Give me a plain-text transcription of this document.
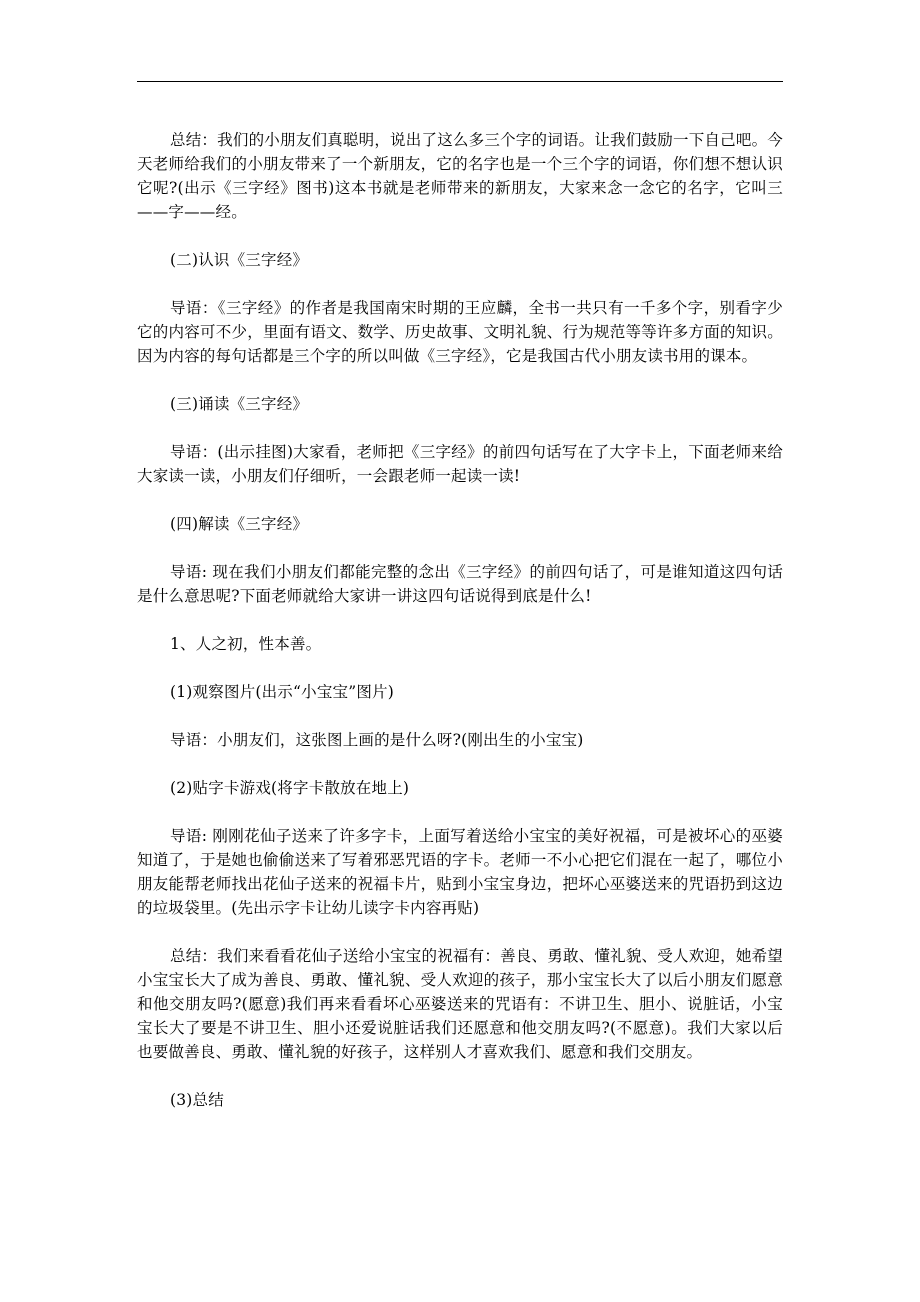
总结：我们的小朋友们真聪明，说出了这么多三个字的词语。让我们鼓励一下自己吧。今天老师给我们的小朋友带来了一个新朋友，它的名字也是一个三个字的词语，你们想不想认识它呢?(出示《三字经》图书)这本书就是老师带来的新朋友，大家来念一念它的名字，它叫三——字——经。

(二)认识《三字经》

导语：《三字经》的作者是我国南宋时期的王应麟，全书一共只有一千多个字，别看字少它的内容可不少，里面有语文、数学、历史故事、文明礼貌、行为规范等等许多方面的知识。因为内容的每句话都是三个字的所以叫做《三字经》，它是我国古代小朋友读书用的课本。

(三)诵读《三字经》

导语：(出示挂图)大家看，老师把《三字经》的前四句话写在了大字卡上，下面老师来给大家读一读，小朋友们仔细听，一会跟老师一起读一读!

(四)解读《三字经》

导语: 现在我们小朋友们都能完整的念出《三字经》的前四句话了，可是谁知道这四句话是什么意思呢?下面老师就给大家讲一讲这四句话说得到底是什么!

1、人之初，性本善。

(1)观察图片(出示“小宝宝”图片)

导语：小朋友们，这张图上画的是什么呀?(刚出生的小宝宝)

(2)贴字卡游戏(将字卡散放在地上)

导语: 刚刚花仙子送来了许多字卡，上面写着送给小宝宝的美好祝福，可是被坏心的巫婆知道了，于是她也偷偷送来了写着邪恶咒语的字卡。老师一不小心把它们混在一起了，哪位小朋友能帮老师找出花仙子送来的祝福卡片，贴到小宝宝身边，把坏心巫婆送来的咒语扔到这边的垃圾袋里。(先出示字卡让幼儿读字卡内容再贴)

总结：我们来看看花仙子送给小宝宝的祝福有：善良、勇敢、懂礼貌、受人欢迎，她希望小宝宝长大了成为善良、勇敢、懂礼貌、受人欢迎的孩子，那小宝宝长大了以后小朋友们愿意和他交朋友吗?(愿意)我们再来看看坏心巫婆送来的咒语有：不讲卫生、胆小、说脏话，小宝宝长大了要是不讲卫生、胆小还爱说脏话我们还愿意和他交朋友吗?(不愿意)。我们大家以后也要做善良、勇敢、懂礼貌的好孩子，这样别人才喜欢我们、愿意和我们交朋友。

(3)总结
